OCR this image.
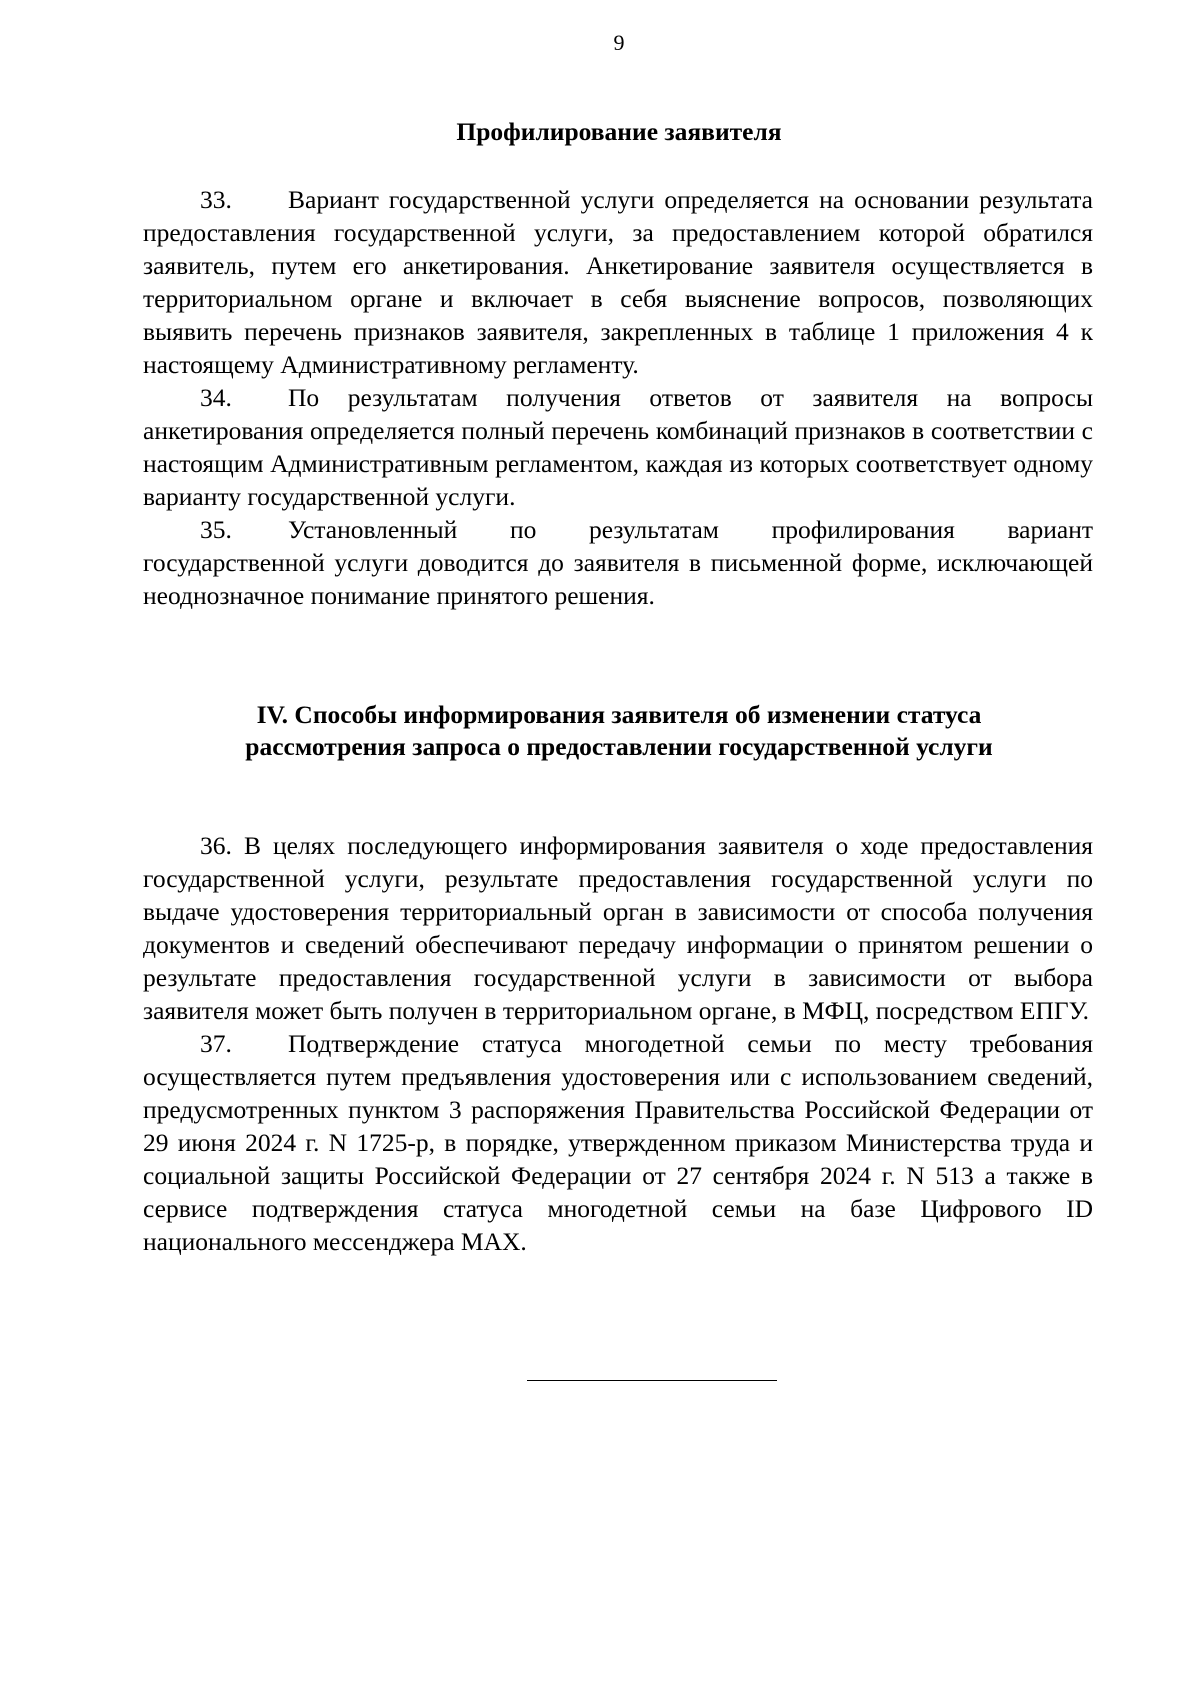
9
Профилирование заявителя

33. Вариант государственной услуги определяется на основании результата предоставления государственной услуги, за предоставлением которой обратился заявитель, путем его анкетирования. Анкетирование заявителя осуществляется в территориальном органе и включает в себя выяснение вопросов, позволяющих выявить перечень признаков заявителя, закрепленных в таблице 1 приложения 4 к настоящему Административному регламенту.

34. По результатам получения ответов от заявителя на вопросы анкетирования определяется полный перечень комбинаций признаков в соответствии с настоящим Административным регламентом, каждая из которых соответствует одному варианту государственной услуги.

35. Установленный по результатам профилирования вариант государственной услуги доводится до заявителя в письменной форме, исключающей неоднозначное понимание принятого решения.

IV. Способы информирования заявителя об изменении статуса
рассмотрения запроса о предоставлении государственной услуги

36. В целях последующего информирования заявителя о ходе предоставления государственной услуги, результате предоставления государственной услуги по выдаче удостоверения территориальный орган в зависимости от способа получения документов и сведений обеспечивают передачу информации о принятом решении о результате предоставления государственной услуги в зависимости от выбора заявителя может быть получен в территориальном органе, в МФЦ, посредством ЕПГУ.

37. Подтверждение статуса многодетной семьи по месту требования осуществляется путем предъявления удостоверения или с использованием сведений, предусмотренных пунктом 3 распоряжения Правительства Российской Федерации от 29 июня 2024 г. N 1725-р, в порядке, утвержденном приказом Министерства труда и социальной защиты Российской Федерации от 27 сентября 2024 г. N 513 а также в сервисе подтверждения статуса многодетной семьи на базе Цифрового ID национального мессенджера MAX.
